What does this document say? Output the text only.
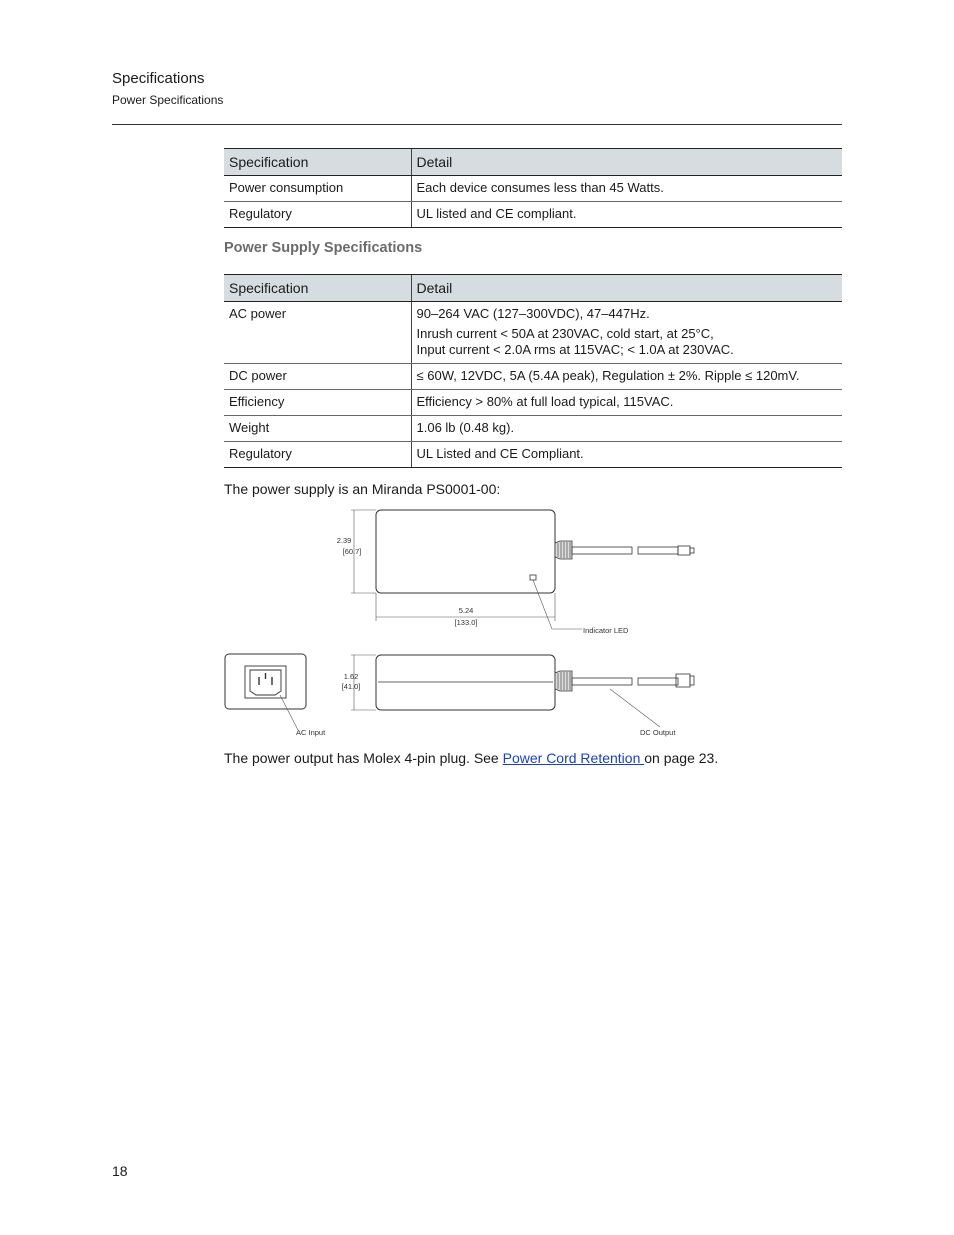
Specifications
Power Specifications
Specification	Detail
Power consumption	Each device consumes less than 45 Watts.
Regulatory	UL listed and CE compliant.
Power Supply Specifications
Specification	Detail
AC power	90–264 VAC (127–300VDC), 47–447Hz.
Inrush current < 50A at 230VAC, cold start, at 25°C,
Input current < 2.0A rms at 115VAC; < 1.0A at 230VAC.

DC power	≤ 60W, 12VDC, 5A (5.4A peak), Regulation ± 2%. Ripple ≤ 120mV.
Efficiency	Efficiency > 80% at full load typical, 115VAC.
Weight	1.06 lb (0.48 kg).
Regulatory	UL Listed and CE Compliant.
The power supply is an Miranda PS0001-00:
Indicator LED
2.39
[60.7]
5.24
[133.0]
AC Input	DC Output
1.62
[41.0]
The power output has Molex 4-pin plug. See Power Cord Retention on page 23.
18
